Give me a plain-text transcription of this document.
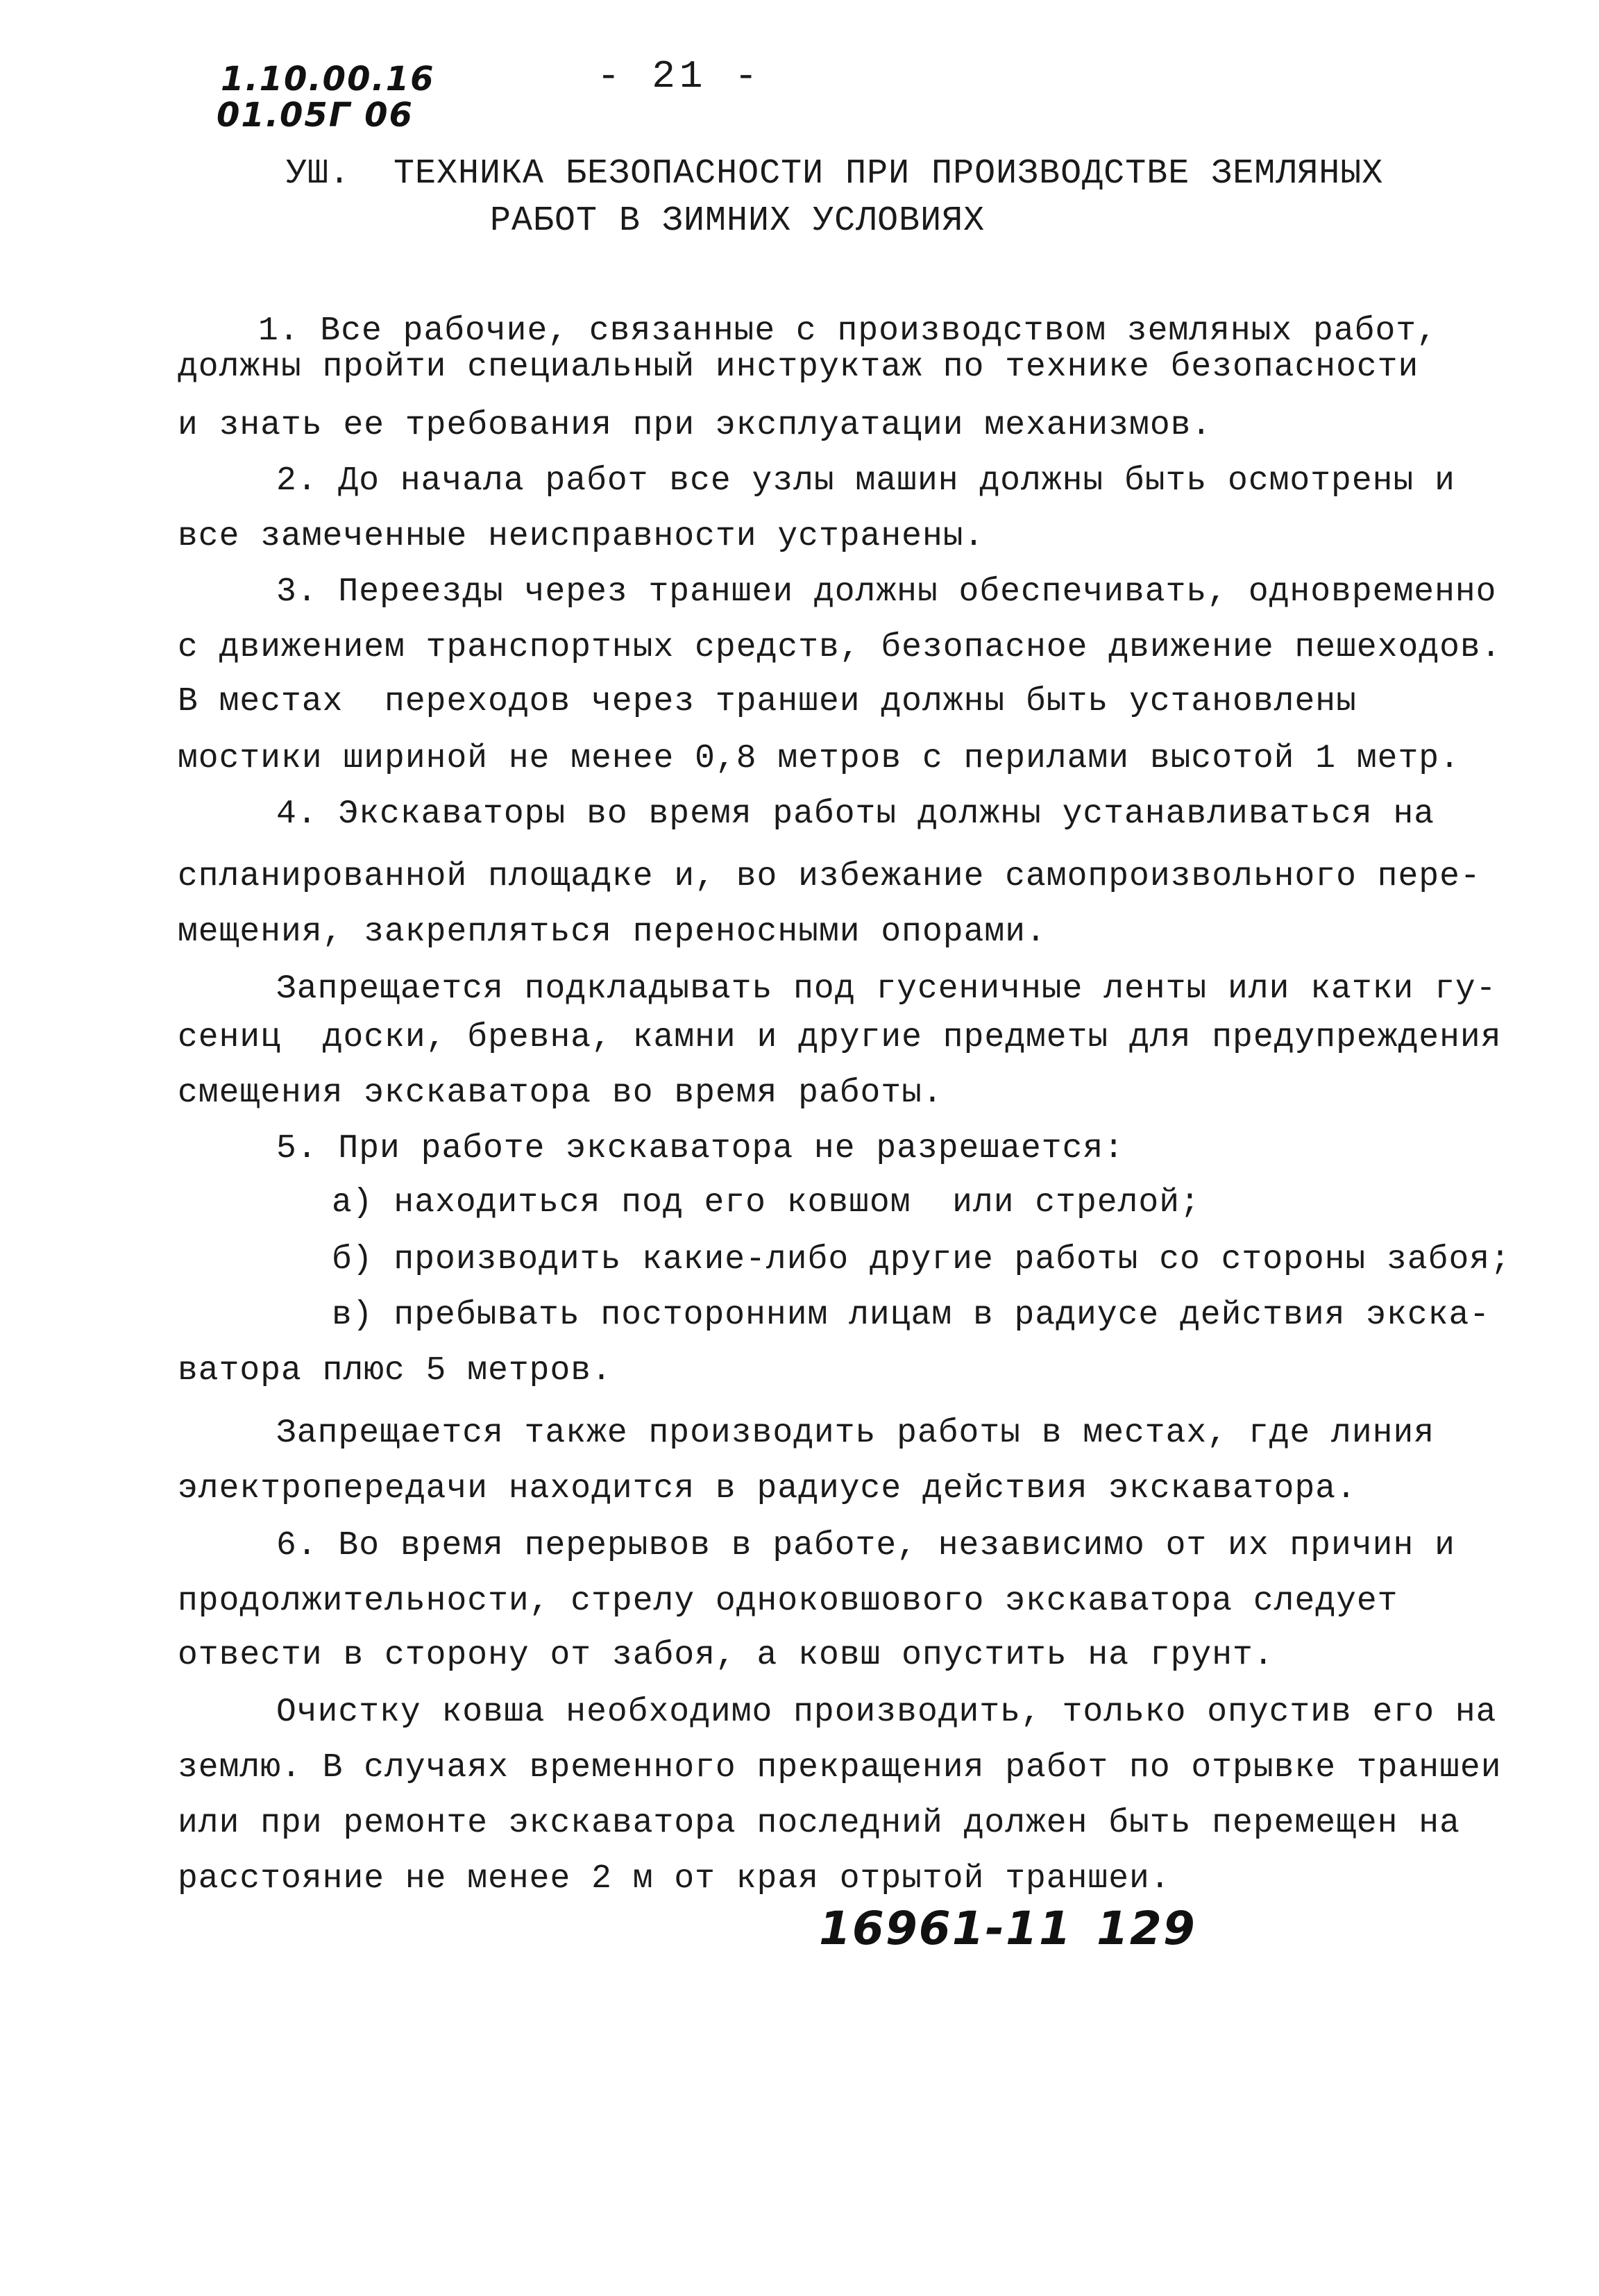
1.10.00.16
01.05Г 06
- 21 -
УШ.  ТЕХНИКА БЕЗОПАСНОСТИ ПРИ ПРОИЗВОДСТВЕ ЗЕМЛЯНЫХ
РАБОТ В ЗИМНИХ УСЛОВИЯХ
1. Все рабочие, связанные с производством земляных работ,
должны пройти специальный инструктаж по технике безопасности
и знать ее требования при эксплуатации механизмов.
2. До начала работ все узлы машин должны быть осмотрены и
все замеченные неисправности устранены.
3. Переезды через траншеи должны обеспечивать, одновременно
с движением транспортных средств, безопасное движение пешеходов.
В местах  переходов через траншеи должны быть установлены
мостики шириной не менее 0,8 метров с перилами высотой 1 метр.
4. Экскаваторы во время работы должны устанавливаться на
спланированной площадке и, во избежание самопроизвольного пере-
мещения, закрепляться переносными опорами.
Запрещается подкладывать под гусеничные ленты или катки гу-
сениц  доски, бревна, камни и другие предметы для предупреждения
смещения экскаватора во время работы.
5. При работе экскаватора не разрешается:
а) находиться под его ковшом  или стрелой;
б) производить какие-либо другие работы со стороны забоя;
в) пребывать посторонним лицам в радиусе действия экска-
ватора плюс 5 метров.
Запрещается также производить работы в местах, где линия
электропередачи находится в радиусе действия экскаватора.
6. Во время перерывов в работе, независимо от их причин и
продолжительности, стрелу одноковшового экскаватора следует
отвести в сторону от забоя, а ковш опустить на грунт.
Очистку ковша необходимо производить, только опустив его на
землю. В случаях временного прекращения работ по отрывке траншеи
или при ремонте экскаватора последний должен быть перемещен на
расстояние не менее 2 м от края отрытой траншеи.
16961-11 129
